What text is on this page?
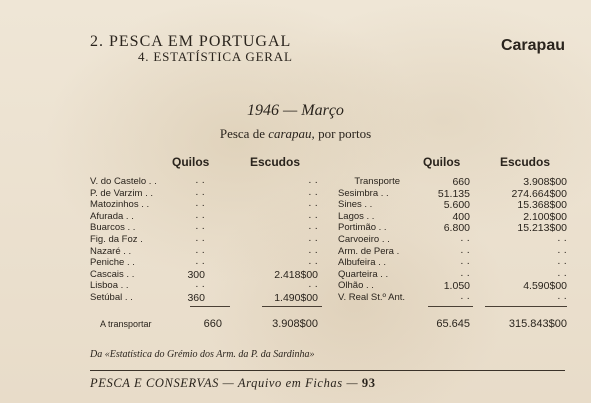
2. PESCA EM PORTUGAL
4. ESTATÍSTICA GERAL
Carapau
1946 — Março
Pesca de carapau, por portos
Quilos	Escudos	Quilos	Escudos
V. do Castelo . .	· ·	· ·
P. de Varzim . .	· ·	· ·
Matozinhos . .	· ·	· ·
Afurada . .	· ·	· ·
Buarcos . .	· ·	· ·
Fig. da Foz .	· ·	· ·
Nazaré . .	· ·	· ·
Peniche . .	· ·	· ·
Cascais . .	300	2.418$00
Lisboa . .	· ·	· ·
Setúbal . .	360	1.490$00
Transporte	660	3.908$00
Sesimbra . .	51.135	274.664$00
Sines . .	5.600	15.368$00
Lagos . .	400	2.100$00
Portimão . .	6.800	15.213$00
Carvoeiro . .	· ·	· ·
Arm. de Pera .	· ·	· ·
Albufeira . .	· ·	· ·
Quarteira . .	· ·	· ·
Olhão . .	1.050	4.590$00
V. Real St.º Ant.	· ·	· ·
A transportar	660	3.908$00	65.645	315.843$00
Da «Estatística do Grémio dos Arm. da P. da Sardinha»
PESCA E CONSERVAS — Arquivo em Fichas — 93
